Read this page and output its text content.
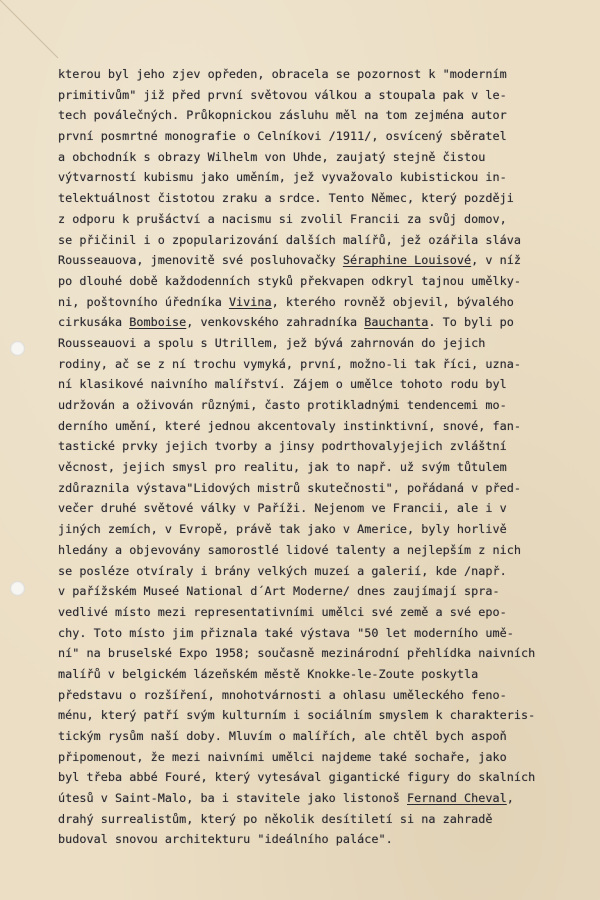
kterou byl jeho zjev opředen, obracela se pozornost k "moderním
primitivům" již před první světovou válkou a stoupala pak v le-
tech poválečných. Průkopnickou zásluhu měl na tom zejména autor
první posmrtné monografie o Celníkovi /1911/, osvícený sběratel
a obchodník s obrazy Wilhelm von Uhde, zaujatý stejně čistou
výtvarností kubismu jako uměním, jež vyvažovalo kubistickou in-
telektuálnost čistotou zraku a srdce. Tento Němec, který později
z odporu k prušáctví a nacismu si zvolil Francii za svůj domov,
se přičinil i o zpopularizování dalších malířů, jež ozářila sláva
Rousseauova, jmenovitě své posluhovačky Séraphine Louisové, v níž
po dlouhé době každodenních styků překvapen odkryl tajnou umělky-
ni, poštovního úředníka Vivina, kterého rovněž objevil, bývalého
cirkusáka Bomboise, venkovského zahradníka Bauchanta. To byli po
Rousseauovi a spolu s Utrillem, jež bývá zahrnován do jejich
rodiny, ač se z ní trochu vymyká, první, možno-li tak říci, uzna-
ní klasikové naivního malířství. Zájem o umělce tohoto rodu byl
udržován a oživován různými, často protikladnými tendencemi mo-
derního umění, které jednou akcentovaly instinktivní, snové, fan-
tastické prvky jejich tvorby a jinsy podrthovalyjejich zvláštní
věcnost, jejich smysl pro realitu, jak to např. už svým tůtulem
zdůraznila výstava"Lidových mistrů skutečnosti", pořádaná v před-
večer druhé světové války v Paříži. Nejenom ve Francii, ale i v
jiných zemích, v Evropě, právě tak jako v Americe, byly horlivě
hledány a objevovány samorostlé lidové talenty a nejlepším z nich
se posléze otvíraly i brány velkých muzeí a galerií, kde /např.
v pařížském Museé National d´Art Moderne/ dnes zaujímají spra-
vedlivé místo mezi representativními umělci své země a své epo-
chy. Toto místo jim přiznala také výstava "50 let moderního umě-
ní" na bruselské Expo 1958; současně mezinárodní přehlídka naivních
malířů v belgickém lázeňském městě Knokke-le-Zoute poskytla
představu o rozšíření, mnohotvárnosti a ohlasu uměleckého feno-
ménu, který patří svým kulturním i sociálním smyslem k charakteris-
tickým rysům naší doby. Mluvím o malířích, ale chtěl bych aspoň
připomenout, že mezi naivními umělci najdeme také sochaře, jako
byl třeba abbé Fouré, který vytesával gigantické figury do skalních
útesů v Saint-Malo, ba i stavitele jako listonoš Fernand Cheval,
drahý surrealistům, který po několik desítiletí si na zahradě
budoval snovou architekturu "ideálního paláce".
